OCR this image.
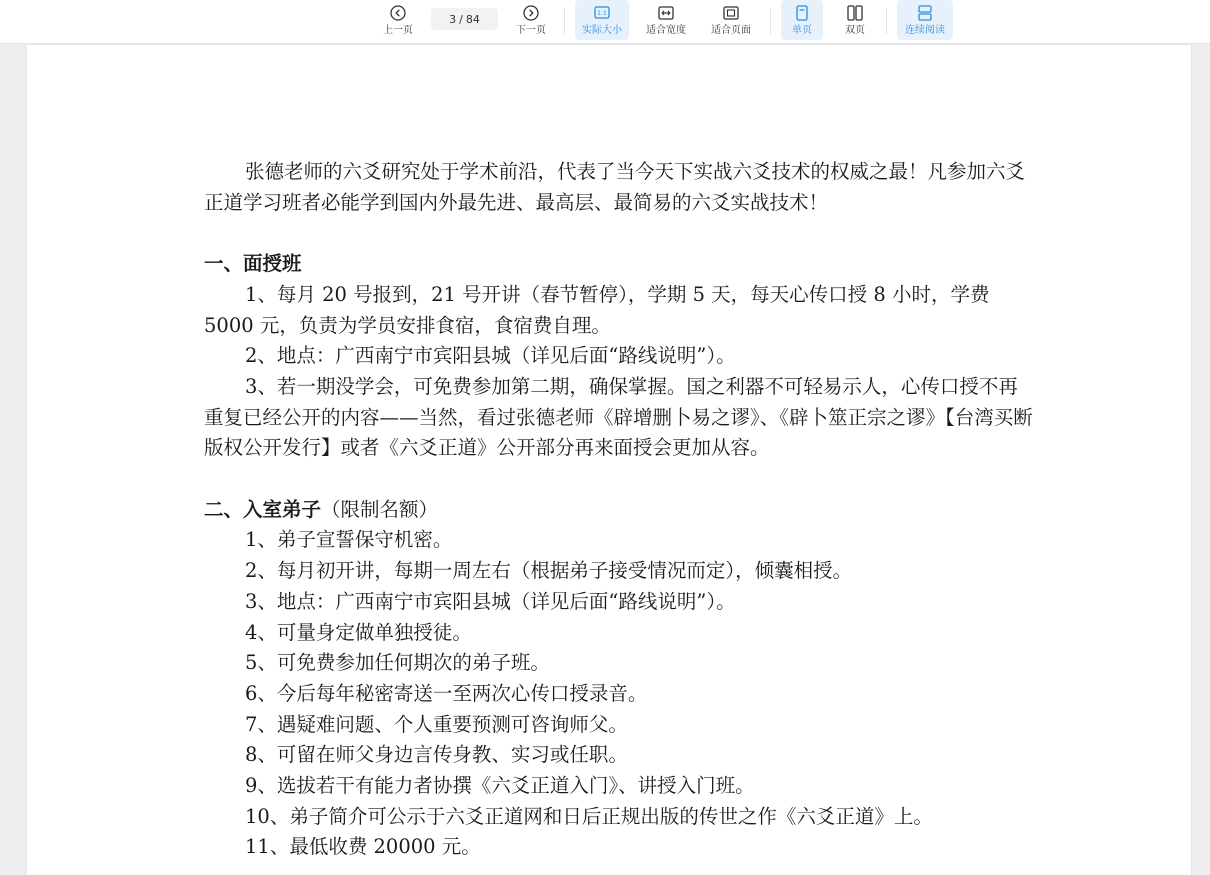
上一页
3 / 84
下一页
1:1
实际大小 适合宽度	适合页面	单页	双页	连续阅读

张德老师的六爻研究处于学术前沿，代表了当今天下实战六爻技术的权威之最！凡参加六爻正道学习班者必能学到国内外最先进、最高层、最简易的六爻实战技术！

一、面授班

1、每月 20 号报到，21 号开讲（春节暂停），学期 5 天，每天心传口授 8 小时，学费 5000 元，负责为学员安排食宿，食宿费自理。

2、地点：广西南宁市宾阳县城（详见后面“路线说明”）。

3、若一期没学会，可免费参加第二期，确保掌握。国之利器不可轻易示人，心传口授不再重复已经公开的内容——当然，看过张德老师《辟增删卜易之谬》、《辟卜筮正宗之谬》【台湾买断版权公开发行】或者《六爻正道》公开部分再来面授会更加从容。

二、入室弟子（限制名额）

1、弟子宣誓保守机密。

2、每月初开讲，每期一周左右（根据弟子接受情况而定），倾囊相授。

3、地点：广西南宁市宾阳县城（详见后面“路线说明”）。

4、可量身定做单独授徒。

5、可免费参加任何期次的弟子班。

6、今后每年秘密寄送一至两次心传口授录音。

7、遇疑难问题、个人重要预测可咨询师父。

8、可留在师父身边言传身教、实习或任职。

9、选拔若干有能力者协撰《六爻正道入门》、讲授入门班。

10、弟子简介可公示于六爻正道网和日后正规出版的传世之作《六爻正道》上。

11、最低收费 20000 元。
